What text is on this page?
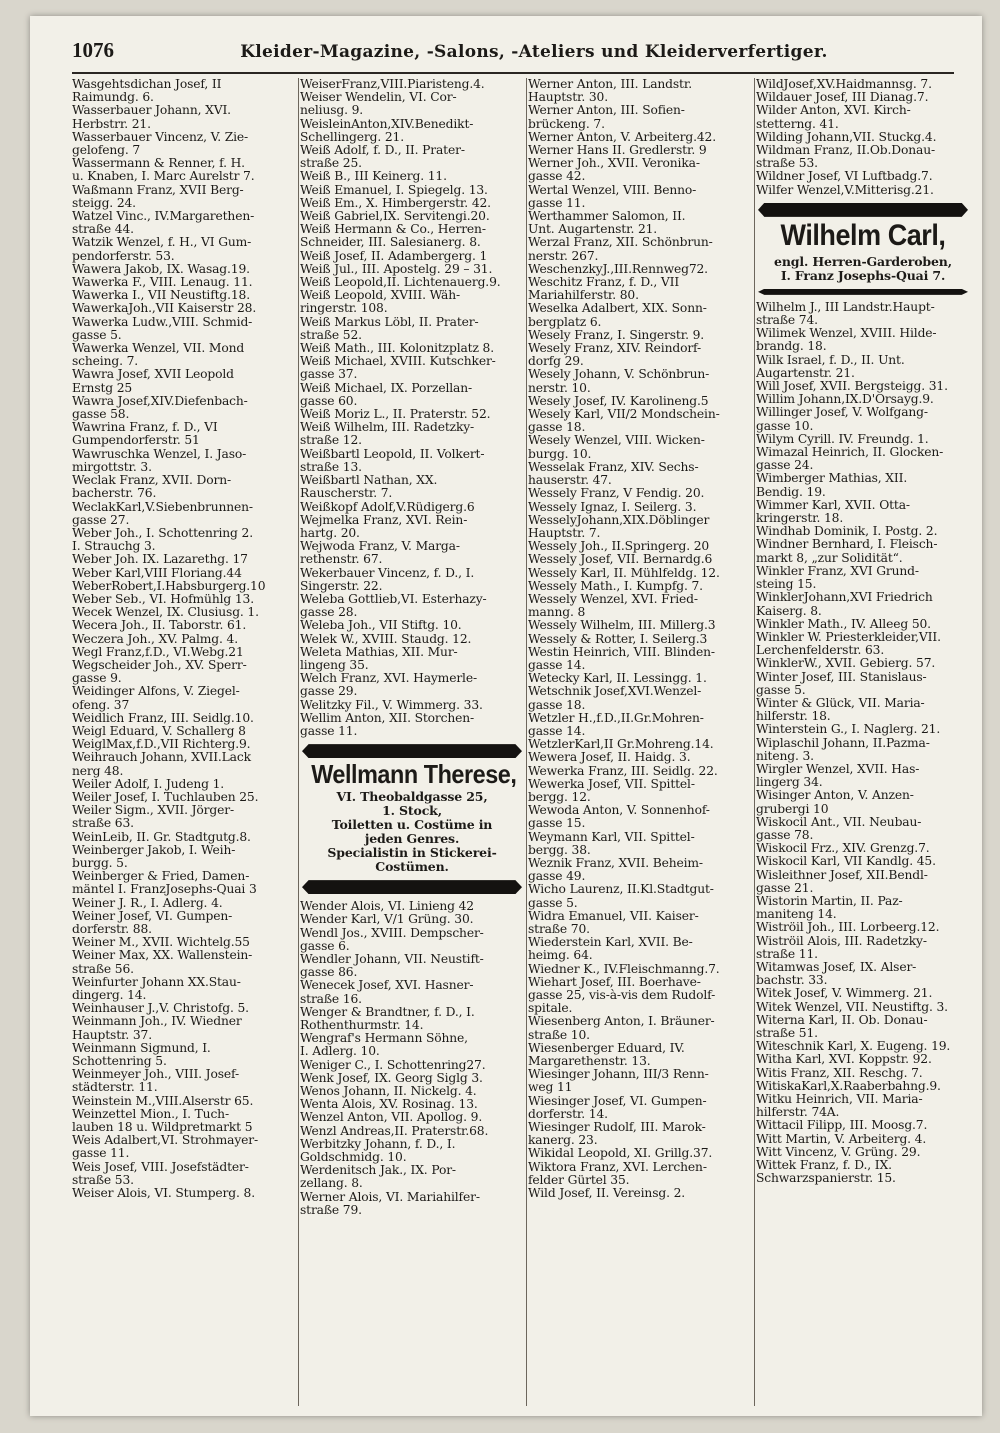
1076	Kleider-Magazine, -Salons, -Ateliers und Kleiderverfertiger.
Wasgehtsdichan Josef, II
Raimundg. 6.
Wasserbauer Johann, XVI.
Herbstrr. 21.
Wasserbauer Vincenz, V. Zie-
gelofeng. 7
Wassermann & Renner, f. H.
u. Knaben, I. Marc Aurelstr 7.
Waßmann Franz, XVII Berg-
steigg. 24.
Watzel Vinc., IV.Margarethen-
straße 44.
Watzik Wenzel, f. H., VI Gum-
pendorferstr. 53.
Wawera Jakob, IX. Wasag.19.
Wawerka F., VIII. Lenaug. 11.
Wawerka I., VII Neustiftg.18.
WawerkaJoh.,VII Kaiserstr 28.
Wawerka Ludw.,VIII. Schmid-
gasse 5.
Wawerka Wenzel, VII. Mond
scheing. 7.
Wawra Josef, XVII Leopold
Ernstg 25
Wawra Josef,XIV.Diefenbach-
gasse 58.
Wawrina Franz, f. D., VI
Gumpendorferstr. 51
Wawruschka Wenzel, I. Jaso-
mirgottstr. 3.
Weclak Franz, XVII. Dorn-
bacherstr. 76.
WeclakKarl,V.Siebenbrunnen-
gasse 27.
Weber Joh., I. Schottenring 2.
I. Strauchg 3.
Weber Joh. IX. Lazarethg. 17
Weber Karl,VIII Floriang.44
WeberRobert,I.Habsburgerg.10
Weber Seb., VI. Hofmühlg 13.
Wecek Wenzel, IX. Clusiusg. 1.
Wecera Joh., II. Taborstr. 61.
Weczera Joh., XV. Palmg. 4.
Wegl Franz,f.D., VI.Webg.21
Wegscheider Joh., XV. Sperr-
gasse 9.
Weidinger Alfons, V. Ziegel-
ofeng. 37
Weidlich Franz, III. Seidlg.10.
Weigl Eduard, V. Schallerg 8
WeiglMax,f.D.,VII Richterg.9.
Weihrauch Johann, XVII.Lack
nerg 48.
Weiler Adolf, I. Judeng 1.
Weiler Josef, I. Tuchlauben 25.
Weiler Sigm., XVII. Jörger-
straße 63.
WeinLeib, II. Gr. Stadtgutg.8.
Weinberger Jakob, I. Weih-
burgg. 5.
Weinberger & Fried, Damen-
mäntel I. FranzJosephs-Quai 3
Weiner J. R., I. Adlerg. 4.
Weiner Josef, VI. Gumpen-
dorferstr. 88.
Weiner M., XVII. Wichtelg.55
Weiner Max, XX. Wallenstein-
straße 56.
Weinfurter Johann XX.Stau-
dingerg. 14.
Weinhauser J.,V. Christofg. 5.
Weinmann Joh., IV. Wiedner
Hauptstr. 37.
Weinmann Sigmund, I.
Schottenring 5.
Weinmeyer Joh., VIII. Josef-
städterstr. 11.
Weinstein M.,VIII.Alserstr 65.
Weinzettel Mion., I. Tuch-
lauben 18 u. Wildpretmarkt 5
Weis Adalbert,VI. Strohmayer-
gasse 11.
Weis Josef, VIII. Josefstädter-
straße 53.
Weiser Alois, VI. Stumperg. 8.
WeiserFranz,VIII.Piaristeng.4.
Weiser Wendelin, VI. Cor-
neliusg. 9.
WeisleinAnton,XIV.Benedikt-
Schellingerg. 21.
Weiß Adolf, f. D., II. Prater-
straße 25.
Weiß B., III Keinerg. 11.
Weiß Emanuel, I. Spiegelg. 13.
Weiß Em., X. Himbergerstr. 42.
Weiß Gabriel,IX. Servitengi.20.
Weiß Hermann & Co., Herren-
Schneider, III. Salesianerg. 8.
Weiß Josef, II. Adambergerg. 1
Weiß Jul., III. Apostelg. 29 – 31.
Weiß Leopold,II. Lichtenauerg.9.
Weiß Leopold, XVIII. Wäh-
ringerstr. 108.
Weiß Markus Löbl, II. Prater-
straße 52.
Weiß Math., III. Kolonitzplatz 8.
Weiß Michael, XVIII. Kutschker-
gasse 37.
Weiß Michael, IX. Porzellan-
gasse 60.
Weiß Moriz L., II. Praterstr. 52.
Weiß Wilhelm, III. Radetzky-
straße 12.
Weißbartl Leopold, II. Volkert-
straße 13.
Weißbartl Nathan, XX.
Rauscherstr. 7.
Weißkopf Adolf,V.Rüdigerg.6
Wejmelka Franz, XVI. Rein-
hartg. 20.
Wejwoda Franz, V. Marga-
rethenstr. 67.
Wekerbauer Vincenz, f. D., I.
Singerstr. 22.
Weleba Gottlieb,VI. Esterhazy-
gasse 28.
Weleba Joh., VII Stiftg. 10.
Welek W., XVIII. Staudg. 12.
Weleta Mathias, XII. Mur-
lingeng 35.
Welch Franz, XVI. Haymerle-
gasse 29.
Welitzky Fil., V. Wimmerg. 33.
Wellim Anton, XII. Storchen-
gasse 11.
Wellmann Therese,
VI. Theobaldgasse 25,
1. Stock,
Toiletten u. Costüme in
jeden Genres.
Specialistin in Stickerei-
Costümen.
Wender Alois, VI. Linieng 42
Wender Karl, V/1 Grüng. 30.
Wendl Jos., XVIII. Dempscher-
gasse 6.
Wendler Johann, VII. Neustift-
gasse 86.
Wenecek Josef, XVI. Hasner-
straße 16.
Wenger & Brandtner, f. D., I.
Rothenthurmstr. 14.
Wengraf's Hermann Söhne,
I. Adlerg. 10.
Weniger C., I. Schottenring27.
Wenk Josef, IX. Georg Siglg 3.
Wenos Johann, II. Nickelg. 4.
Wenta Alois, XV. Rosinag. 13.
Wenzel Anton, VII. Apollog. 9.
Wenzl Andreas,II. Praterstr.68.
Werbitzky Johann, f. D., I.
Goldschmidg. 10.
Werdenitsch Jak., IX. Por-
zellang. 8.
Werner Alois, VI. Mariahilfer-
straße 79.
Werner Anton, III. Landstr.
Hauptstr. 30.
Werner Anton, III. Sofien-
brückeng. 7.
Werner Anton, V. Arbeiterg.42.
Werner Hans II. Gredlerstr. 9
Werner Joh., XVII. Veronika-
gasse 42.
Wertal Wenzel, VIII. Benno-
gasse 11.
Werthammer Salomon, II.
Unt. Augartenstr. 21.
Werzal Franz, XII. Schönbrun-
nerstr. 267.
WeschenzkyJ.,III.Rennweg72.
Weschitz Franz, f. D., VII
Mariahilferstr. 80.
Weselka Adalbert, XIX. Sonn-
bergplatz 6.
Wesely Franz, I. Singerstr. 9.
Wesely Franz, XIV. Reindorf-
dorfg 29.
Wesely Johann, V. Schönbrun-
nerstr. 10.
Wesely Josef, IV. Karolineng.5
Wesely Karl, VII/2 Mondschein-
gasse 18.
Wesely Wenzel, VIII. Wicken-
burgg. 10.
Wesselak Franz, XIV. Sechs-
hauserstr. 47.
Wessely Franz, V Fendig. 20.
Wessely Ignaz, I. Seilerg. 3.
WesselyJohann,XIX.Döblinger
Hauptstr. 7.
Wessely Joh., II.Springerg. 20
Wessely Josef, VII. Bernardg.6
Wessely Karl, II. Mühlfeldg. 12.
Wessely Math., I. Kumpfg. 7.
Wessely Wenzel, XVI. Fried-
manng. 8
Wessely Wilhelm, III. Millerg.3
Wessely & Rotter, I. Seilerg.3
Westin Heinrich, VIII. Blinden-
gasse 14.
Wetecky Karl, II. Lessingg. 1.
Wetschnik Josef,XVI.Wenzel-
gasse 18.
Wetzler H.,f.D.,II.Gr.Mohren-
gasse 14.
WetzlerKarl,II Gr.Mohreng.14.
Wewera Josef, II. Haidg. 3.
Wewerka Franz, III. Seidlg. 22.
Wewerka Josef, VII. Spittel-
bergg. 12.
Wewoda Anton, V. Sonnenhof-
gasse 15.
Weymann Karl, VII. Spittel-
bergg. 38.
Weznik Franz, XVII. Beheim-
gasse 49.
Wicho Laurenz, II.Kl.Stadtgut-
gasse 5.
Widra Emanuel, VII. Kaiser-
straße 70.
Wiederstein Karl, XVII. Be-
heimg. 64.
Wiedner K., IV.Fleischmanng.7.
Wiehart Josef, III. Boerhave-
gasse 25, vis-à-vis dem Rudolf-
spitale.
Wiesenberg Anton, I. Bräuner-
straße 10.
Wiesenberger Eduard, IV.
Margarethenstr. 13.
Wiesinger Johann, III/3 Renn-
weg 11
Wiesinger Josef, VI. Gumpen-
dorferstr. 14.
Wiesinger Rudolf, III. Marok-
kanerg. 23.
Wikidal Leopold, XI. Grillg.37.
Wiktora Franz, XVI. Lerchen-
felder Gürtel 35.
Wild Josef, II. Vereinsg. 2.
WildJosef,XV.Haidmannsg. 7.
Wildauer Josef, III Dianag.7.
Wilder Anton, XVI. Kirch-
stetterng. 41.
Wilding Johann,VII. Stuckg.4.
Wildman Franz, II.Ob.Donau-
straße 53.
Wildner Josef, VI Luftbadg.7.
Wilfer Wenzel,V.Mitterisg.21.
Wilhelm Carl,
engl. Herren-Garderoben,
I. Franz Josephs-Quai 7.
Wilhelm J., III Landstr.Haupt-
straße 74.
Wilimek Wenzel, XVIII. Hilde-
brandg. 18.
Wilk Israel, f. D., II. Unt.
Augartenstr. 21.
Will Josef, XVII. Bergsteigg. 31.
Willim Johann,IX.D'Orsayg.9.
Willinger Josef, V. Wolfgang-
gasse 10.
Wilym Cyrill. IV. Freundg. 1.
Wimazal Heinrich, II. Glocken-
gasse 24.
Wimberger Mathias, XII.
Bendig. 19.
Wimmer Karl, XVII. Otta-
kringerstr. 18.
Windhab Dominik, I. Postg. 2.
Windner Bernhard, I. Fleisch-
markt 8, „zur Solidität“.
Winkler Franz, XVI Grund-
steing 15.
WinklerJohann,XVI Friedrich
Kaiserg. 8.
Winkler Math., IV. Alleeg 50.
Winkler W. Priesterkleider,VII.
Lerchenfelderstr. 63.
WinklerW., XVII. Gebierg. 57.
Winter Josef, III. Stanislaus-
gasse 5.
Winter & Glück, VII. Maria-
hilferstr. 18.
Winterstein G., I. Naglerg. 21.
Wiplaschil Johann, II.Pazma-
niteng. 3.
Wirgler Wenzel, XVII. Has-
lingerg 34.
Wisinger Anton, V. Anzen-
grubergi 10
Wiskocil Ant., VII. Neubau-
gasse 78.
Wiskocil Frz., XIV. Grenzg.7.
Wiskocil Karl, VII Kandlg. 45.
Wisleithner Josef, XII.Bendl-
gasse 21.
Wistorin Martin, II. Paz-
maniteng 14.
Wiströil Joh., III. Lorbeerg.12.
Wiströil Alois, III. Radetzky-
straße 11.
Witamwas Josef, IX. Alser-
bachstr. 33.
Witek Josef, V. Wimmerg. 21.
Witek Wenzel, VII. Neustiftg. 3.
Witerna Karl, II. Ob. Donau-
straße 51.
Witeschnik Karl, X. Eugeng. 19.
Witha Karl, XVI. Koppstr. 92.
Witis Franz, XII. Reschg. 7.
WitiskaKarl,X.Raaberbahng.9.
Witku Heinrich, VII. Maria-
hilferstr. 74A.
Wittacil Filipp, III. Moosg.7.
Witt Martin, V. Arbeiterg. 4.
Witt Vincenz, V. Grüng. 29.
Wittek Franz, f. D., IX.
Schwarzspanierstr. 15.
